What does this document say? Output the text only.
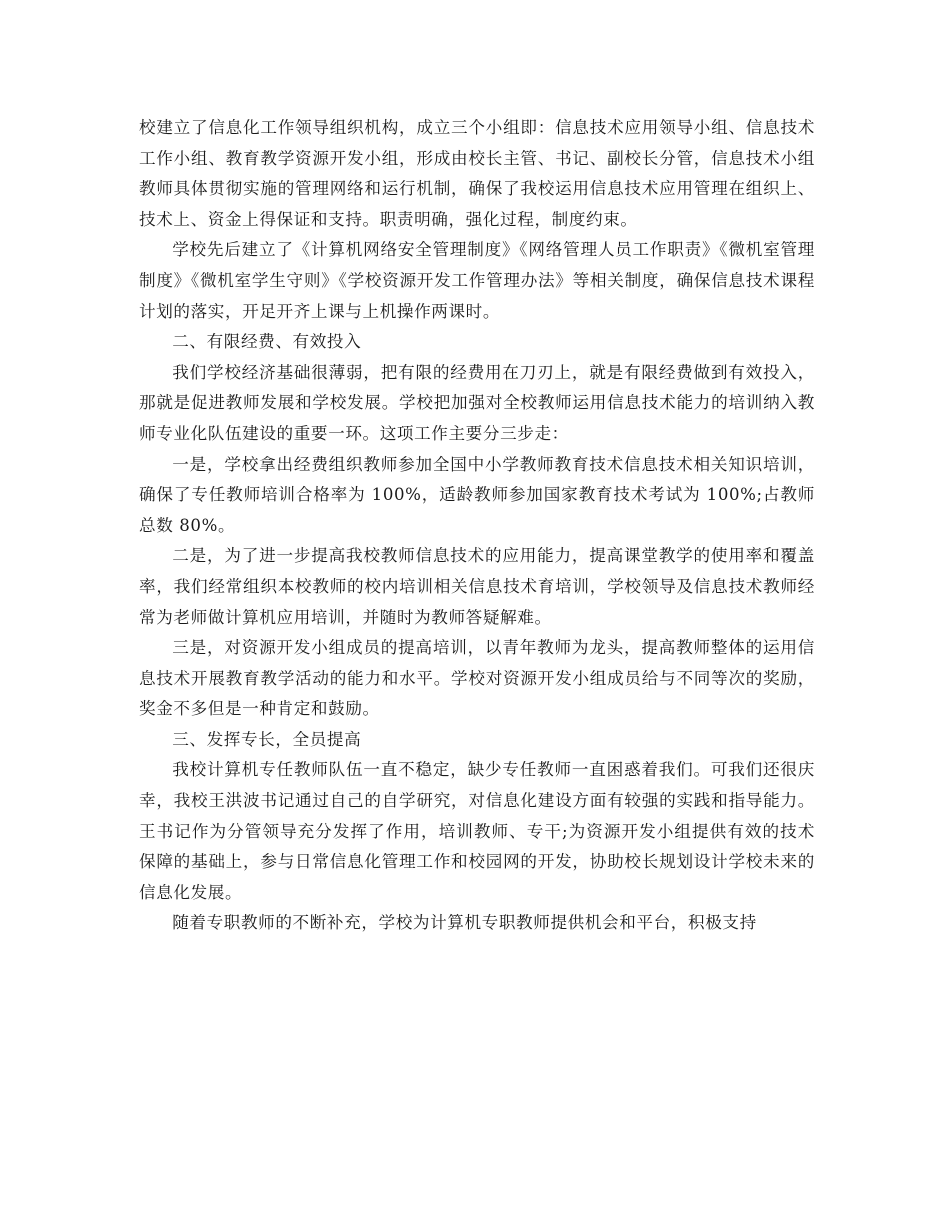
校建立了信息化工作领导组织机构，成立三个小组即：信息技术应用领导小组、信息技术工作小组、教育教学资源开发小组，形成由校长主管、书记、副校长分管，信息技术小组教师具体贯彻实施的管理网络和运行机制，确保了我校运用信息技术应用管理在组织上、技术上、资金上得保证和支持。职责明确，强化过程，制度约束。

学校先后建立了《计算机网络安全管理制度》《网络管理人员工作职责》《微机室管理制度》《微机室学生守则》《学校资源开发工作管理办法》等相关制度，确保信息技术课程计划的落实，开足开齐上课与上机操作两课时。

二、有限经费、有效投入

我们学校经济基础很薄弱，把有限的经费用在刀刃上，就是有限经费做到有效投入，那就是促进教师发展和学校发展。学校把加强对全校教师运用信息技术能力的培训纳入教师专业化队伍建设的重要一环。这项工作主要分三步走：

一是，学校拿出经费组织教师参加全国中小学教师教育技术信息技术相关知识培训，确保了专任教师培训合格率为 100%，适龄教师参加国家教育技术考试为 100%;占教师总数 80%。

二是，为了进一步提高我校教师信息技术的应用能力，提高课堂教学的使用率和覆盖率，我们经常组织本校教师的校内培训相关信息技术育培训，学校领导及信息技术教师经常为老师做计算机应用培训，并随时为教师答疑解难。

三是，对资源开发小组成员的提高培训，以青年教师为龙头，提高教师整体的运用信息技术开展教育教学活动的能力和水平。学校对资源开发小组成员给与不同等次的奖励，奖金不多但是一种肯定和鼓励。

三、发挥专长，全员提高

我校计算机专任教师队伍一直不稳定，缺少专任教师一直困惑着我们。可我们还很庆幸，我校王洪波书记通过自己的自学研究，对信息化建设方面有较强的实践和指导能力。王书记作为分管领导充分发挥了作用，培训教师、专干;为资源开发小组提供有效的技术保障的基础上，参与日常信息化管理工作和校园网的开发，协助校长规划设计学校未来的信息化发展。

随着专职教师的不断补充，学校为计算机专职教师提供机会和平台，积极支持
